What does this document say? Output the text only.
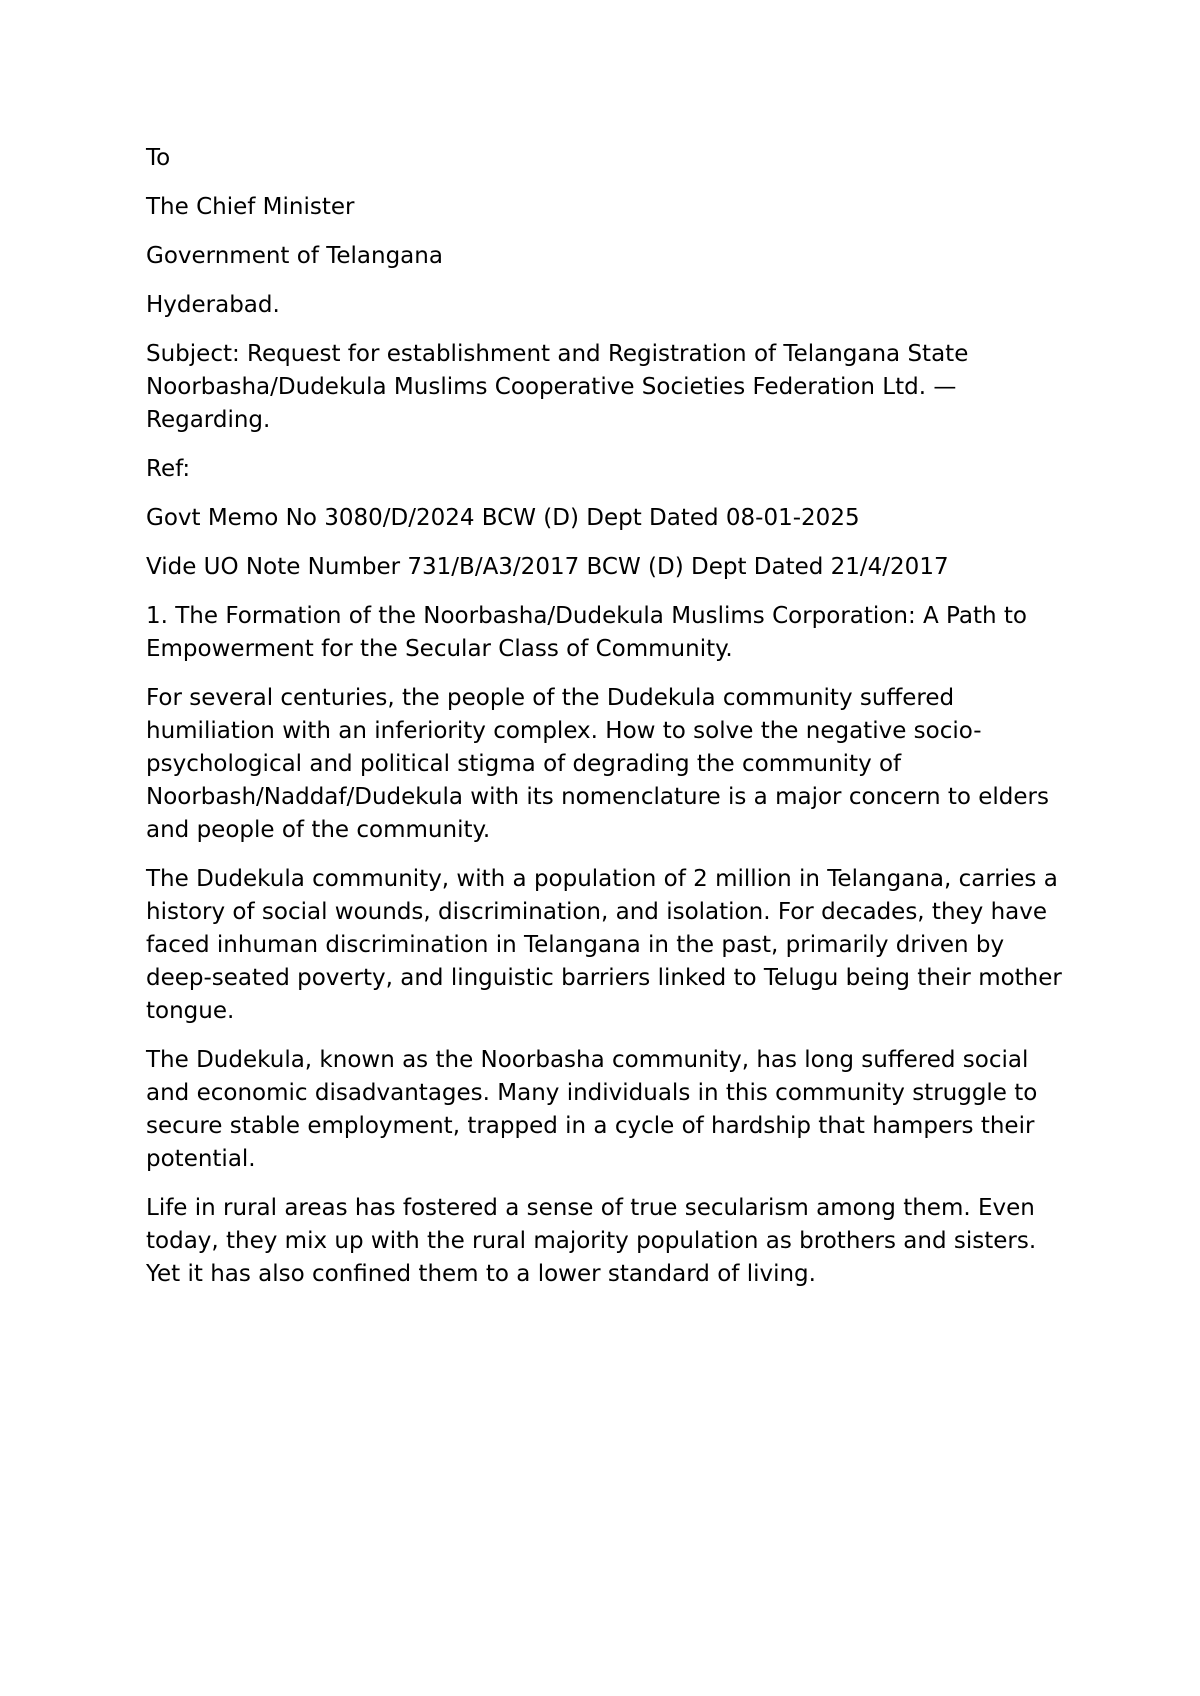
To

The Chief Minister

Government of Telangana

Hyderabad.

Subject: Request for establishment and Registration of Telangana State Noorbasha/Dudekula Muslims Cooperative Societies Federation Ltd. — Regarding.

Ref:

Govt Memo No 3080/D/2024 BCW (D) Dept Dated 08-01-2025

Vide UO Note Number 731/B/A3/2017 BCW (D) Dept Dated 21/4/2017

1. The Formation of the Noorbasha/Dudekula Muslims Corporation: A Path to Empowerment for the Secular Class of Community.

For several centuries, the people of the Dudekula community suffered humiliation with an inferiority complex. How to solve the negative socio-psychological and political stigma of degrading the community of Noorbash/Naddaf/Dudekula with its nomenclature is a major concern to elders and people of the community.

The Dudekula community, with a population of 2 million in Telangana, carries a history of social wounds, discrimination, and isolation. For decades, they have faced inhuman discrimination in Telangana in the past, primarily driven by deep-seated poverty, and linguistic barriers linked to Telugu being their mother tongue.

The Dudekula, known as the Noorbasha community, has long suffered social and economic disadvantages. Many individuals in this community struggle to secure stable employment, trapped in a cycle of hardship that hampers their potential.

Life in rural areas has fostered a sense of true secularism among them. Even today, they mix up with the rural majority population as brothers and sisters. Yet it has also confined them to a lower standard of living.
